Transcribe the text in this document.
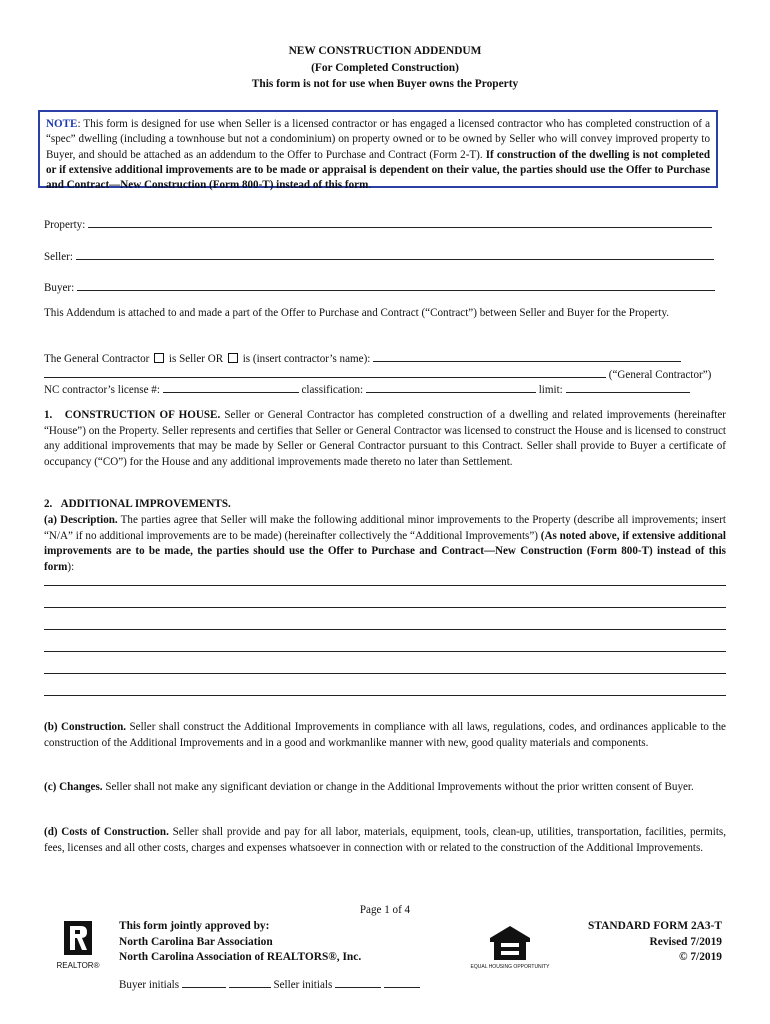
NEW CONSTRUCTION ADDENDUM
(For Completed Construction)
This form is not for use when Buyer owns the Property
NOTE: This form is designed for use when Seller is a licensed contractor or has engaged a licensed contractor who has completed construction of a “spec” dwelling (including a townhouse but not a condominium) on property owned or to be owned by Seller who will convey improved property to Buyer, and should be attached as an addendum to the Offer to Purchase and Contract (Form 2-T). If construction of the dwelling is not completed or if extensive additional improvements are to be made or appraisal is dependent on their value, the parties should use the Offer to Purchase and Contract—New Construction (Form 800-T) instead of this form.
Property:
Seller:
Buyer:
This Addendum is attached to and made a part of the Offer to Purchase and Contract (“Contract”) between Seller and Buyer for the Property.
The General Contractor is Seller OR is (insert contractor’s name):
(“General Contractor”)
NC contractor’s license #:	classification:	limit:
1.   CONSTRUCTION OF HOUSE. Seller or General Contractor has completed construction of a dwelling and related improvements (hereinafter “House”) on the Property. Seller represents and certifies that Seller or General Contractor was licensed to construct the House and is licensed to construct any additional improvements that may be made by Seller or General Contractor pursuant to this Contract. Seller shall provide to Buyer a certificate of occupancy (“CO”) for the House and any additional improvements made thereto no later than Settlement.
2.   ADDITIONAL IMPROVEMENTS.
(a) Description. The parties agree that Seller will make the following additional minor improvements to the Property (describe all improvements; insert “N/A” if no additional improvements are to be made) (hereinafter collectively the “Additional Improvements”) (As noted above, if extensive additional improvements are to be made, the parties should use the Offer to Purchase and Contract—New Construction (Form 800-T) instead of this form):
(b) Construction. Seller shall construct the Additional Improvements in compliance with all laws, regulations, codes, and ordinances applicable to the construction of the Additional Improvements and in a good and workmanlike manner with new, good quality materials and components.
(c) Changes. Seller shall not make any significant deviation or change in the Additional Improvements without the prior written consent of Buyer.
(d) Costs of Construction. Seller shall provide and pay for all labor, materials, equipment, tools, clean-up, utilities, transportation, facilities, permits, fees, licenses and all other costs, charges and expenses whatsoever in connection with or related to the construction of the Additional Improvements.
Page 1 of 4
REALTOR®
This form jointly approved by:
North Carolina Bar Association
North Carolina Association of REALTORS®, Inc.
EQUAL HOUSING OPPORTUNITY
STANDARD FORM 2A3-T
Revised 7/2019
© 7/2019
Buyer initials	Seller initials
